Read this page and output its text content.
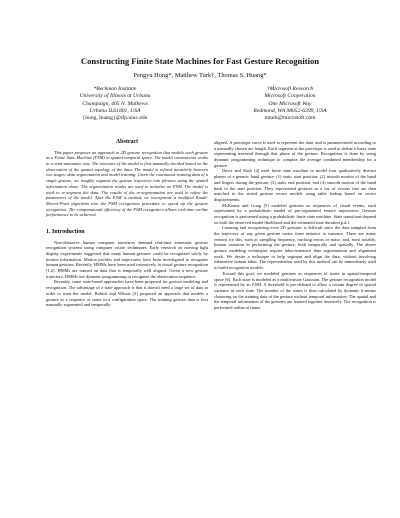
Constructing Finite State Machines for Fast Gesture Recognition
Pengyu Hong*, Matthew Turk†, Thomas S. Huang*
*Beckman Institute
University of Illinois at Urbana
Champaign, 405 N. Mathews
Urbana IL61801, USA
{hong, huang}@ifp.uiuc.edu
†Microsoft Research
Microsoft Cooperation
One Microsoft Way
Redmond, WA 98052-6399, USA
mturk@microsoft.com
Abstract

This paper proposes an approach to 2D gesture recognition that models each gesture as a Finite State Machine (FSM) in spatial-temporal space. The model construction works in a semi-automatic way. The structure of the model is first manually decided based on the observation of the spatial topology of the data. The model is refined iteratively between two stages: data segmentation and model training. Given the continuous training data of a single gesture, we roughly segment the gesture trajectory into phrases using the spatial information alone. The segmentation results are used to initialize an FSM. The model is used to re-segment the data. The results of the re-segmentation are used to refine the parameters of the model. After the FSM is trained, we incorporate a modified Knuth-Morris-Pratt algorithm into the FSM recognition procedure to speed up the gesture recognition. The computational efficiency of the FSM recognizers allows real-time on-line performance to be achieved.

1. Introduction

Non-obtrusive human computer interfaces demand real-time automatic gesture recognition systems using computer vision techniques. Early research on moving light display experiments suggested that many human gestures could be recognized solely by motion information. Motion profiles and trajectories have been investigated to recognize human gestures. Recently, HMMs have been used extensively in visual gesture recognition [1,2]. HMMs are trained on data that is temporally well aligned. Given a new gesture trajectory, HMMs use dynamic programming to recognize the observation sequence.

Recently, some state-based approaches have been proposed for gesture modeling and recognition. The advantage of a state approach is that it doesn't need a large set of data in order to train the model. Bobick and Wilson [3] proposed an approach that models a gesture as a sequence of states in a configuration space. The training gesture data is first manually segmented and temporally

aligned. A prototype curve is used to represent the data, and is parameterized according to a manually chosen arc length. Each segment of the prototype is used to define a fuzzy state representing traversal through that phase of the gesture. Recognition is done by using dynamic programming technique to compute the average combined membership for a gesture.

Davis and Shah [4] used finite state machine to model four qualitatively distinct phases of a generic hand gesture: (1) static start position, (2) smooth motion of the hand and fingers during the gesture, (3) static end position, and (4) smooth motion of the hand back to the start position. They represented gestures as a list of vectors that are then matched to the stored gesture vector models using table lookup based on vector displacements.

McKenna and Gong [5] modeled gestures as sequences of visual events, each represented by a probabilistic model of pre-segmented feature trajectories. Gesture recognition is performed using a probabilistic finite state machine. State transitions depend on both the observed model likelihood and the estimated state duration p.d.f.

Learning and recognizing even 2D gestures is difficult since the data sampled from the trajectory of any given gesture varies from instance to instance. There are many reasons for this, such as sampling frequency, tracking errors or noise, and, most notably, human variation in performing the gesture, both temporally and spatially. The above gesture modeling techniques require labor-intensive data segmentation and alignment work. We desire a technique to help segment and align the data, without involving exhaustive human labor. The representation used by this method can be immediately used to build recognition models.

Toward this goal, we modeled gestures as sequences of states in spatial-temporal space [6]. Each state is modeled as a multivariate Gaussian. The gesture recognition model is represented by an FSM. A threshold is pre-defined to allow a certain degree of spatial variance in each state. The number of the states is then calculated by dynamic k-means clustering on the training data of the gesture without temporal information. The spatial and the temporal information of the gestures are learned together iteratively. The recognition is performed online at frame
